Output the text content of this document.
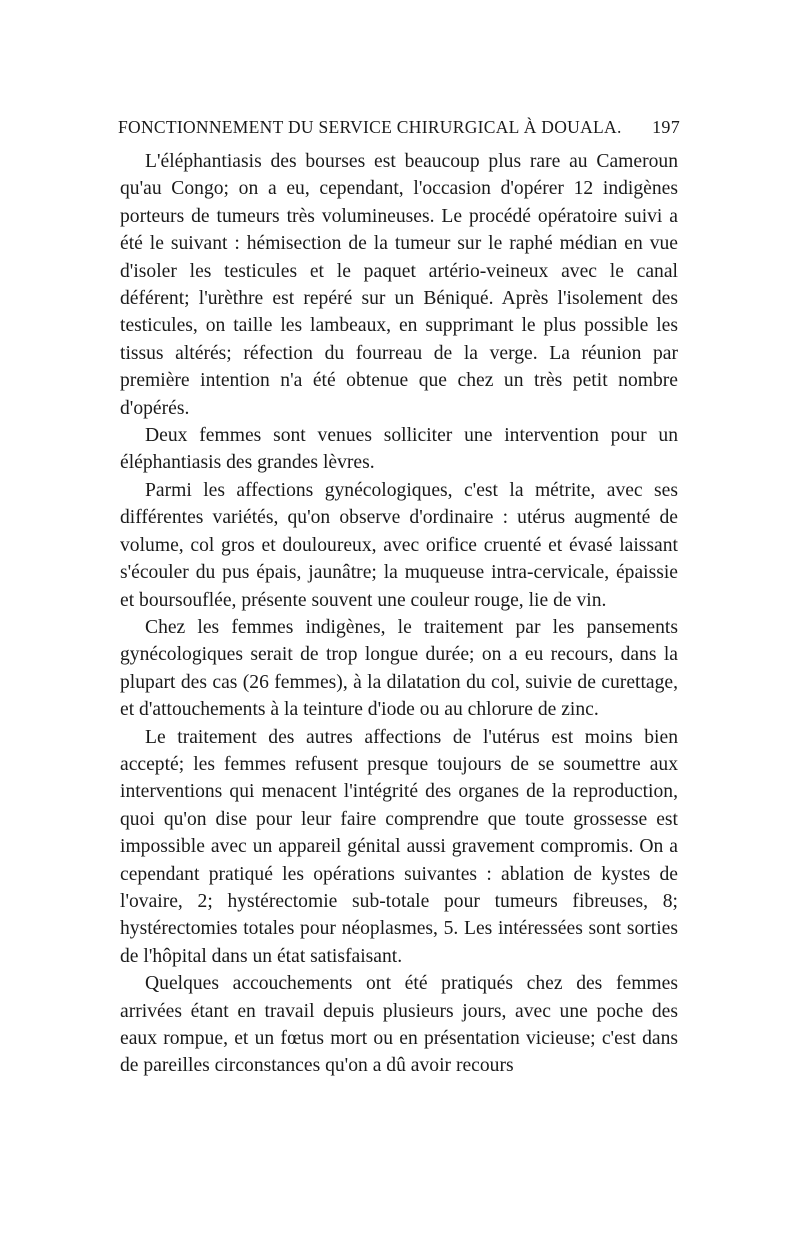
FONCTIONNEMENT DU SERVICE CHIRURGICAL À DOUALA. 197

L'éléphantiasis des bourses est beaucoup plus rare au Cameroun qu'au Congo; on a eu, cependant, l'occasion d'opérer 12 indigènes porteurs de tumeurs très volumineuses. Le procédé opératoire suivi a été le suivant : hémisection de la tumeur sur le raphé médian en vue d'isoler les testicules et le paquet artério-veineux avec le canal déférent; l'urèthre est repéré sur un Béniqué. Après l'isolement des testicules, on taille les lambeaux, en supprimant le plus possible les tissus altérés; réfection du fourreau de la verge. La réunion par première intention n'a été obtenue que chez un très petit nombre d'opérés.

Deux femmes sont venues solliciter une intervention pour un éléphantiasis des grandes lèvres.

Parmi les affections gynécologiques, c'est la métrite, avec ses différentes variétés, qu'on observe d'ordinaire : utérus augmenté de volume, col gros et douloureux, avec orifice cruenté et évasé laissant s'écouler du pus épais, jaunâtre; la muqueuse intra-cervicale, épaissie et boursouflée, présente souvent une couleur rouge, lie de vin.

Chez les femmes indigènes, le traitement par les pansements gynécologiques serait de trop longue durée; on a eu recours, dans la plupart des cas (26 femmes), à la dilatation du col, suivie de curettage, et d'attouchements à la teinture d'iode ou au chlorure de zinc.

Le traitement des autres affections de l'utérus est moins bien accepté; les femmes refusent presque toujours de se soumettre aux interventions qui menacent l'intégrité des organes de la reproduction, quoi qu'on dise pour leur faire comprendre que toute grossesse est impossible avec un appareil génital aussi gravement compromis. On a cependant pratiqué les opérations suivantes : ablation de kystes de l'ovaire, 2; hystérectomie sub-totale pour tumeurs fibreuses, 8; hystérectomies totales pour néoplasmes, 5. Les intéressées sont sorties de l'hôpital dans un état satisfaisant.

Quelques accouchements ont été pratiqués chez des femmes arrivées étant en travail depuis plusieurs jours, avec une poche des eaux rompue, et un fœtus mort ou en présentation vicieuse; c'est dans de pareilles circonstances qu'on a dû avoir recours
